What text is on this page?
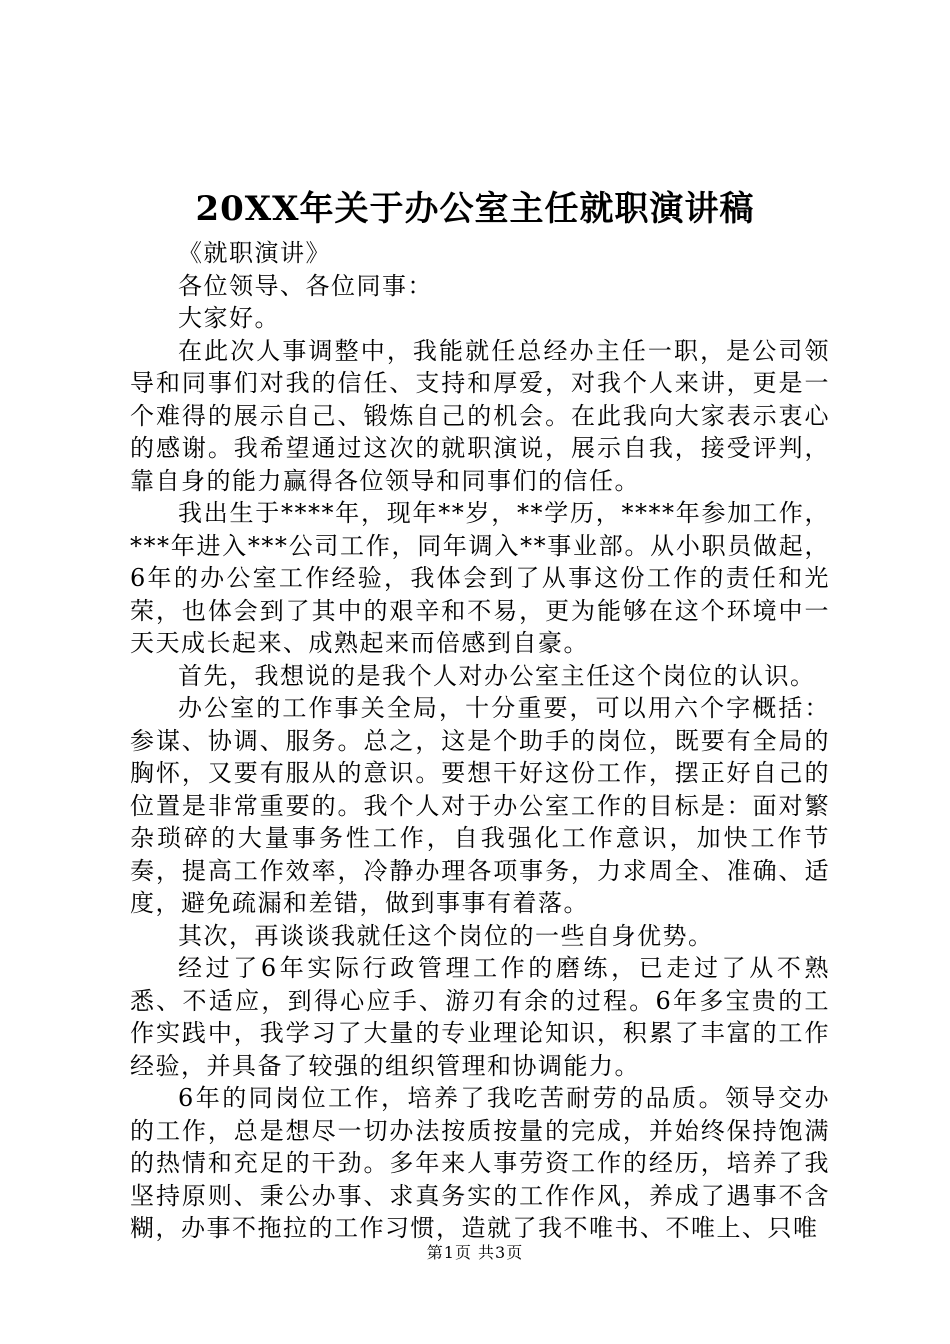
20XX年关于办公室主任就职演讲稿

《就职演讲》

各位领导、各位同事：

大家好。

在此次人事调整中，我能就任总经办主任一职，是公司领导和同事们对我的信任、支持和厚爱，对我个人来讲，更是一个难得的展示自己、锻炼自己的机会。在此我向大家表示衷心的感谢。我希望通过这次的就职演说，展示自我，接受评判，靠自身的能力赢得各位领导和同事们的信任。

我出生于****年，现年**岁，**学历，****年参加工作，***年进入***公司工作，同年调入**事业部。从小职员做起，6年的办公室工作经验，我体会到了从事这份工作的责任和光荣，也体会到了其中的艰辛和不易，更为能够在这个环境中一天天成长起来、成熟起来而倍感到自豪。

首先，我想说的是我个人对办公室主任这个岗位的认识。

办公室的工作事关全局，十分重要，可以用六个字概括：参谋、协调、服务。总之，这是个助手的岗位，既要有全局的胸怀，又要有服从的意识。要想干好这份工作，摆正好自己的位置是非常重要的。我个人对于办公室工作的目标是：面对繁杂琐碎的大量事务性工作，自我强化工作意识，加快工作节奏，提高工作效率，冷静办理各项事务，力求周全、准确、适度，避免疏漏和差错，做到事事有着落。

其次，再谈谈我就任这个岗位的一些自身优势。

经过了6年实际行政管理工作的磨练，已走过了从不熟悉、不适应，到得心应手、游刃有余的过程。6年多宝贵的工作实践中，我学习了大量的专业理论知识，积累了丰富的工作经验，并具备了较强的组织管理和协调能力。

6年的同岗位工作，培养了我吃苦耐劳的品质。领导交办的工作，总是想尽一切办法按质按量的完成，并始终保持饱满的热情和充足的干劲。多年来人事劳资工作的经历，培养了我坚持原则、秉公办事、求真务实的工作作风，养成了遇事不含糊，办事不拖拉的工作习惯，造就了我不唯书、不唯上、只唯

第1页 共3页
